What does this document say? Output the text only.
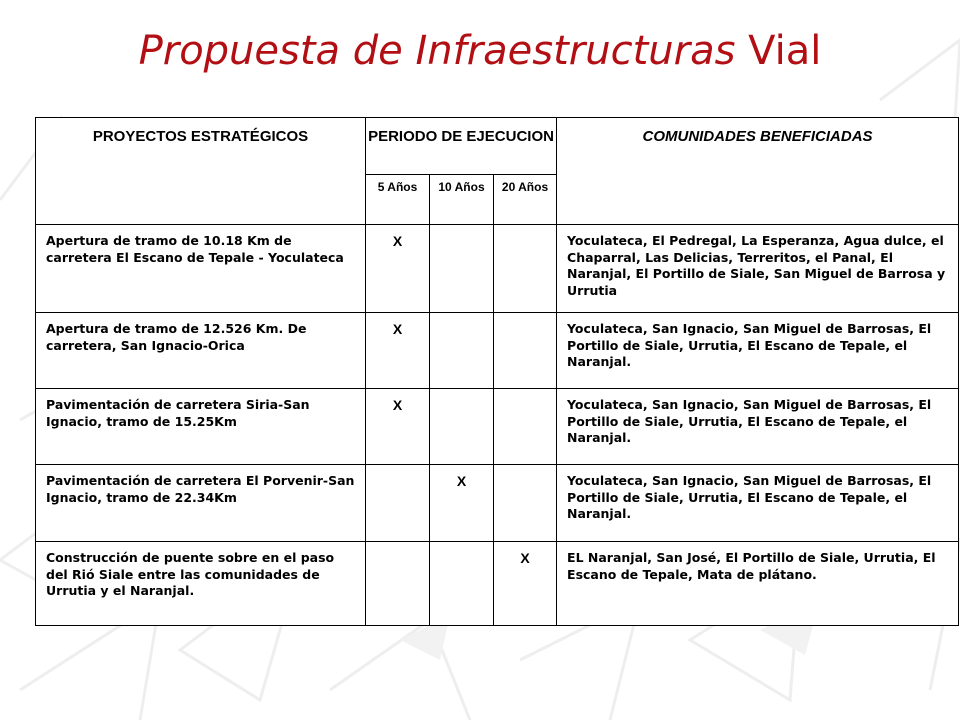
Propuesta de Infraestructuras Vial
PROYECTOS ESTRATÉGICOS	PERIODO DE EJECUCION			COMUNIDADES BENEFICIADAS
	5 Años	10 Años	20 Años	
Apertura de tramo de 10.18 Km de carretera El Escano de Tepale - Yoculateca	X			Yoculateca, El Pedregal, La Esperanza, Agua dulce, el Chaparral, Las Delicias, Terreritos, el Panal, El Naranjal, El Portillo de Siale, San Miguel de Barrosa y Urrutia
Apertura de tramo de 12.526 Km. De carretera, San Ignacio-Orica	X			Yoculateca, San Ignacio, San Miguel de Barrosas, El Portillo de Siale, Urrutia, El Escano de Tepale, el Naranjal.
Pavimentación de carretera Siria-San Ignacio, tramo de 15.25Km	X			Yoculateca, San Ignacio, San Miguel de Barrosas, El Portillo de Siale, Urrutia, El Escano de Tepale, el Naranjal.
Pavimentación de carretera El Porvenir-San Ignacio, tramo de 22.34Km		X		Yoculateca, San Ignacio, San Miguel de Barrosas, El Portillo de Siale, Urrutia, El Escano de Tepale, el Naranjal.
Construcción de puente sobre en el paso del Rió Siale entre las comunidades de Urrutia y el Naranjal.			X	EL Naranjal, San José, El Portillo de Siale, Urrutia, El Escano de Tepale, Mata de plátano.
